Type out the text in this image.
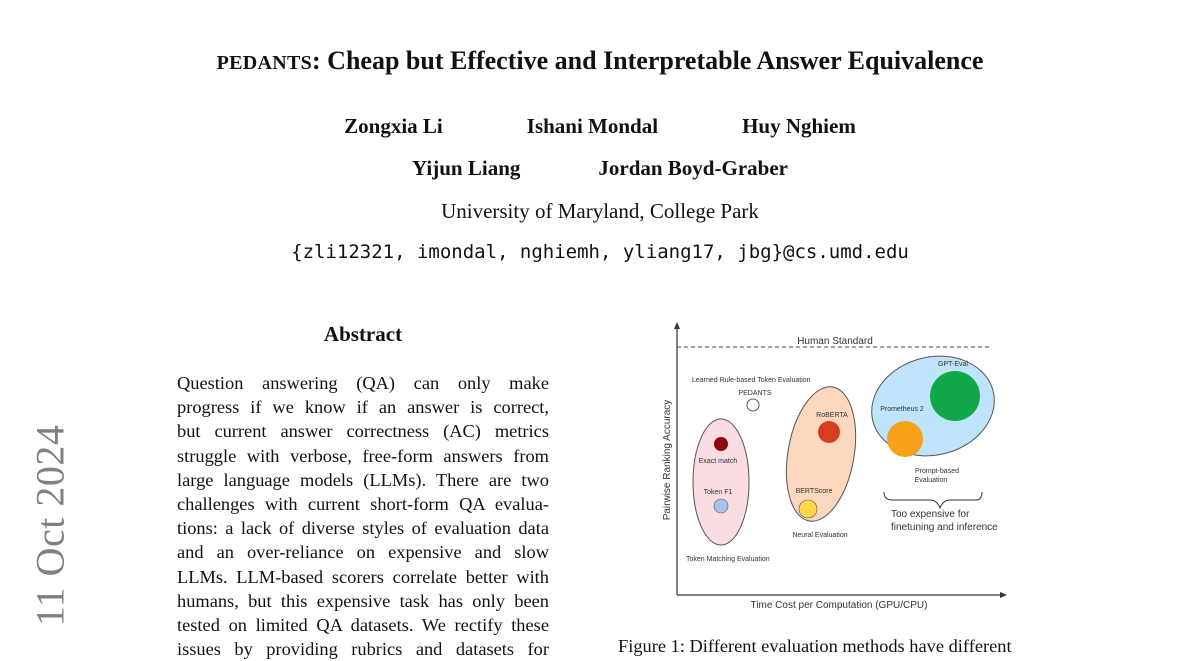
11 Oct 2024
PEDANTS: Cheap but Effective and Interpretable Answer Equivalence
Zongxia Li	Ishani Mondal	Huy Nghiem
Yijun Liang	Jordan Boyd-Graber
University of Maryland, College Park
{zli12321, imondal, nghiemh, yliang17, jbg}@cs.umd.edu
Abstract
Question answering (QA) can only make
progress if we know if an answer is correct,
but current answer correctness (AC) metrics
struggle with verbose, free-form answers from
large language models (LLMs). There are two
challenges with current short-form QA evalua-
tions: a lack of diverse styles of evaluation data
and an over-reliance on expensive and slow
LLMs. LLM-based scorers correlate better with
humans, but this expensive task has only been
tested on limited QA datasets. We rectify these
issues by providing rubrics and datasets for
Human Standard
Pairwise Ranking Accuracy
Time Cost per Computation (GPU/CPU)
Learned Rule-based Token Evaluation
PEDANTS
Exact match
Token F1
Token Matching Evaluation
RoBERTA
BERTScore
Neural Evaluation
GPT-Eval
Prometheus 2
Prompt-based
Evaluation
Too expensive for
finetuning and inference
Figure 1: Different evaluation methods have different
